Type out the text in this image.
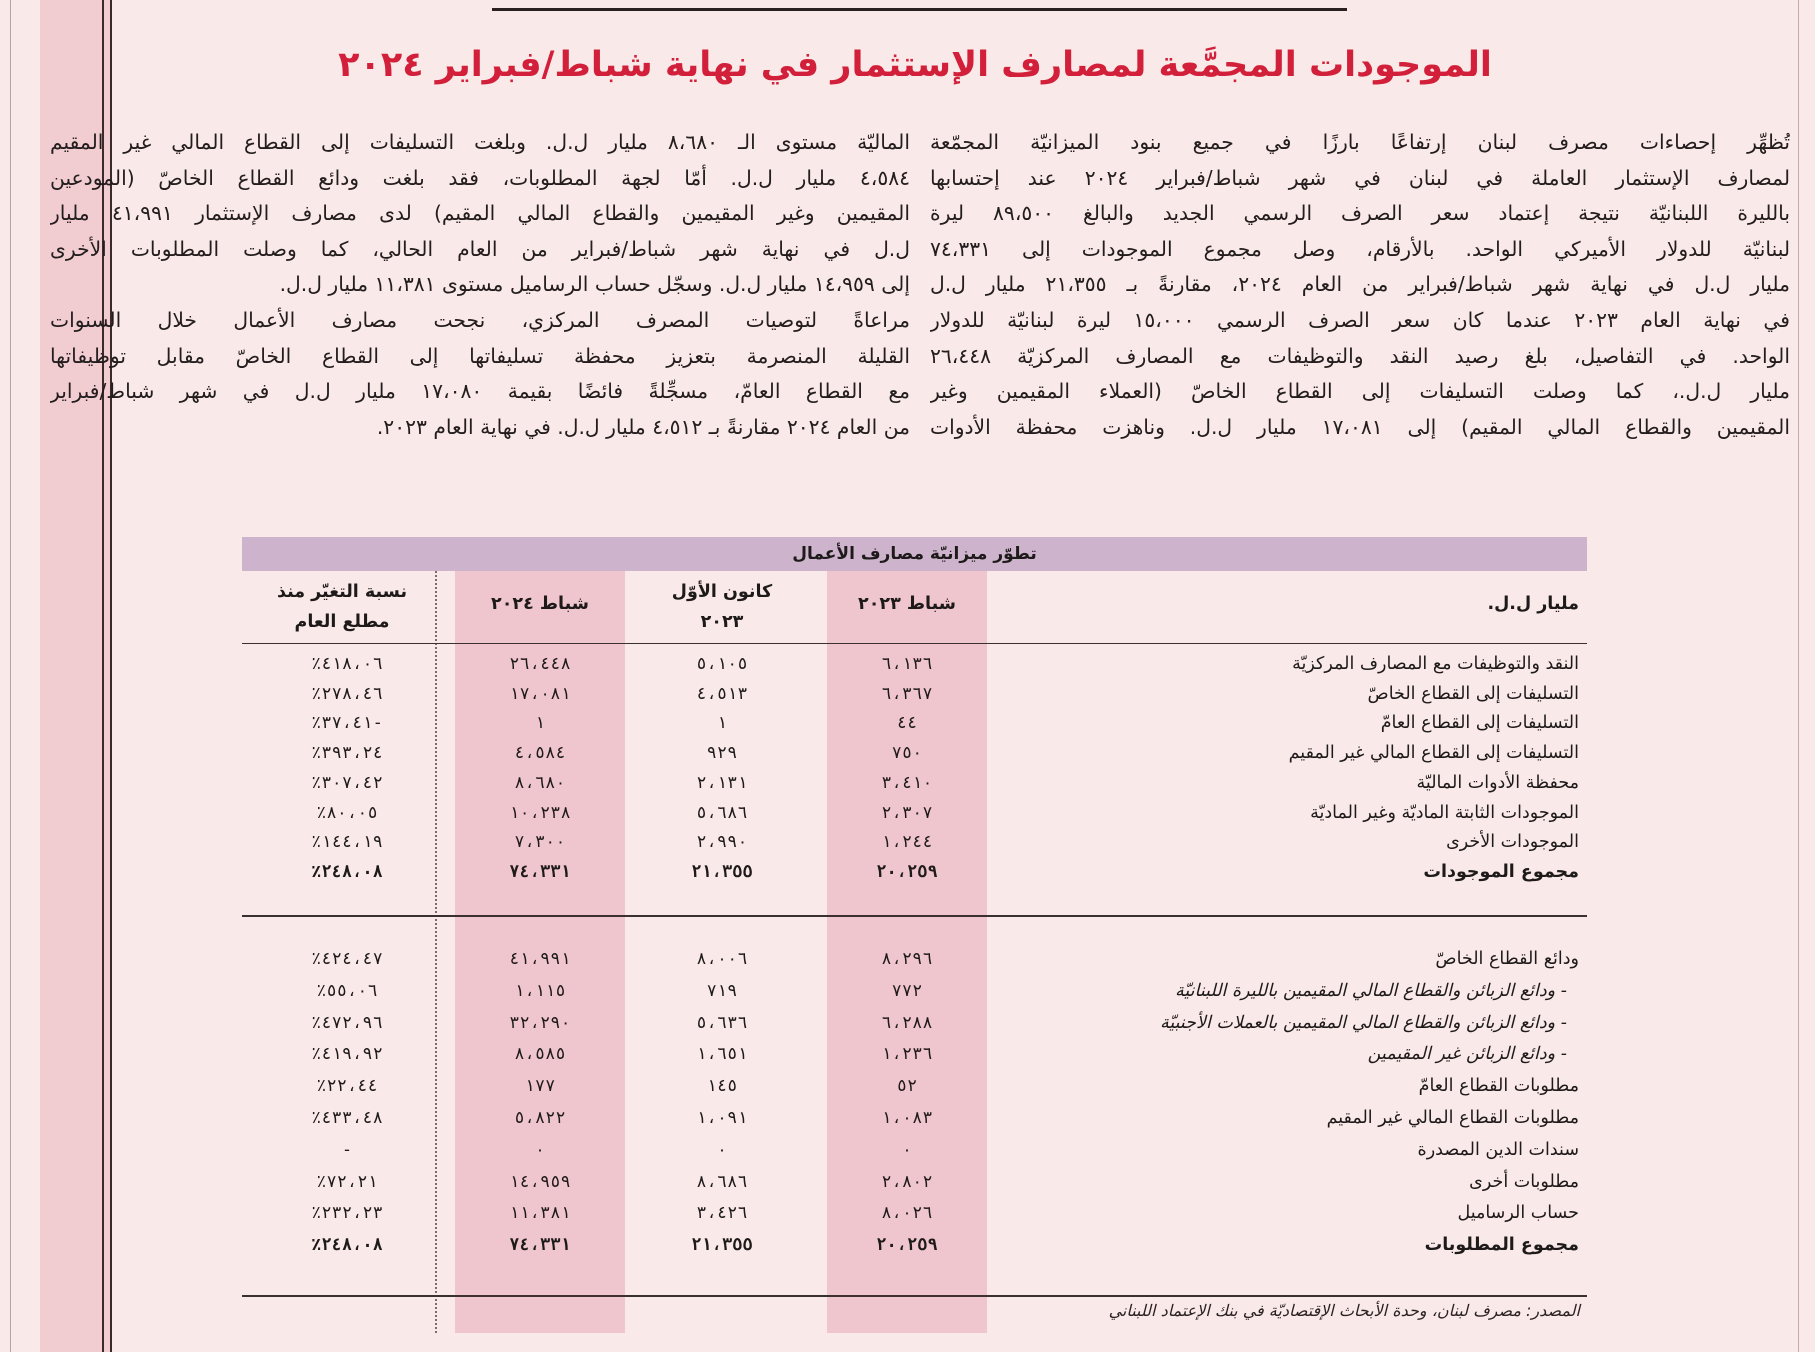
الموجودات المجمَّعة لمصارف الإستثمار في نهاية شباط/فبراير ٢٠٢٤
تُظهِّر إحصاءات مصرف لبنان إرتفاعًا بارزًا في جميع بنود الميزانيّة المجمّعة
لمصارف الإستثمار العاملة في لبنان في شهر شباط/فبراير ٢٠٢٤ عند إحتسابها
بالليرة اللبنانيّة نتيجة إعتماد سعر الصرف الرسمي الجديد والبالغ ٨٩،٥٠٠ ليرة
لبنانيّة للدولار الأميركي الواحد. بالأرقام، وصل مجموع الموجودات إلى ٧٤،٣٣١
مليار ل.ل في نهاية شهر شباط/فبراير من العام ٢٠٢٤، مقارنةً بـ ٢١،٣٥٥ مليار ل.ل
في نهاية العام ٢٠٢٣ عندما كان سعر الصرف الرسمي ١٥،٠٠٠ ليرة لبنانيّة للدولار
الواحد. في التفاصيل، بلغ رصيد النقد والتوظيفات مع المصارف المركزيّة ٢٦،٤٤٨
مليار ل.ل.، كما وصلت التسليفات إلى القطاع الخاصّ (العملاء المقيمين وغير
المقيمين والقطاع المالي المقيم) إلى ١٧،٠٨١ مليار ل.ل. وناهزت محفظة الأدوات
الماليّة مستوى الـ ٨،٦٨٠ مليار ل.ل. وبلغت التسليفات إلى القطاع المالي غير المقيم
٤،٥٨٤ مليار ل.ل. أمّا لجهة المطلوبات، فقد بلغت ودائع القطاع الخاصّ (المودعين
المقيمين وغير المقيمين والقطاع المالي المقيم) لدى مصارف الإستثمار ٤١،٩٩١ مليار
ل.ل في نهاية شهر شباط/فبراير من العام الحالي، كما وصلت المطلوبات الأخرى
إلى ١٤،٩٥٩ مليار ل.ل. وسجّل حساب الرساميل مستوى ١١،٣٨١ مليار ل.ل.
مراعاةً لتوصيات المصرف المركزي، نجحت مصارف الأعمال خلال السنوات
القليلة المنصرمة بتعزيز محفظة تسليفاتها إلى القطاع الخاصّ مقابل توظيفاتها
مع القطاع العامّ، مسجِّلةً فائضًا بقيمة ١٧،٠٨٠ مليار ل.ل في شهر شباط/فبراير
من العام ٢٠٢٤ مقارنةً بـ ٤،٥١٢ مليار ل.ل. في نهاية العام ٢٠٢٣.
تطوّر ميزانيّة مصارف الأعمال
مليار ل.ل.
شباط ٢٠٢٣
كانون الأوّل
٢٠٢٣
شباط ٢٠٢٤
نسبة التغيّر منذ
مطلع العام
النقد والتوظيفات مع المصارف المركزيّة
٦،١٣٦
٥،١٠٥
٢٦،٤٤٨
٤١٨،٠٦٪
التسليفات إلى القطاع الخاصّ
٦،٣٦٧
٤،٥١٣
١٧،٠٨١
٢٧٨،٤٦٪
التسليفات إلى القطاع العامّ
٤٤
١
١
-٣٧،٤١٪
التسليفات إلى القطاع المالي غير المقيم
٧٥٠
٩٢٩
٤،٥٨٤
٣٩٣،٢٤٪
محفظة الأدوات الماليّة
٣،٤١٠
٢،١٣١
٨،٦٨٠
٣٠٧،٤٢٪
الموجودات الثابتة الماديّة وغير الماديّة
٢،٣٠٧
٥،٦٨٦
١٠،٢٣٨
٨٠،٠٥٪
الموجودات الأخرى
١،٢٤٤
٢،٩٩٠
٧،٣٠٠
١٤٤،١٩٪
مجموع الموجودات
٢٠،٢٥٩
٢١،٣٥٥
٧٤،٣٣١
٢٤٨،٠٨٪
ودائع القطاع الخاصّ
٨،٢٩٦
٨،٠٠٦
٤١،٩٩١
٤٢٤،٤٧٪
- ودائع الزبائن والقطاع المالي المقيمين بالليرة اللبنانيّة
٧٧٢
٧١٩
١،١١٥
٥٥،٠٦٪
- ودائع الزبائن والقطاع المالي المقيمين بالعملات الأجنبيّة
٦،٢٨٨
٥،٦٣٦
٣٢،٢٩٠
٤٧٢،٩٦٪
- ودائع الزبائن غير المقيمين
١،٢٣٦
١،٦٥١
٨،٥٨٥
٤١٩،٩٢٪
مطلوبات القطاع العامّ
٥٢
١٤٥
١٧٧
٢٢،٤٤٪
مطلوبات القطاع المالي غير المقيم
١،٠٨٣
١،٠٩١
٥،٨٢٢
٤٣٣،٤٨٪
سندات الدين المصدرة
٠
٠
٠
-
مطلوبات أخرى
٢،٨٠٢
٨،٦٨٦
١٤،٩٥٩
٧٢،٢١٪
حساب الرساميل
٨،٠٢٦
٣،٤٢٦
١١،٣٨١
٢٣٢،٢٣٪
مجموع المطلوبات
٢٠،٢٥٩
٢١،٣٥٥
٧٤،٣٣١
٢٤٨،٠٨٪
المصدر: مصرف لبنان، وحدة الأبحاث الإقتصاديّة في بنك الإعتماد اللبناني
